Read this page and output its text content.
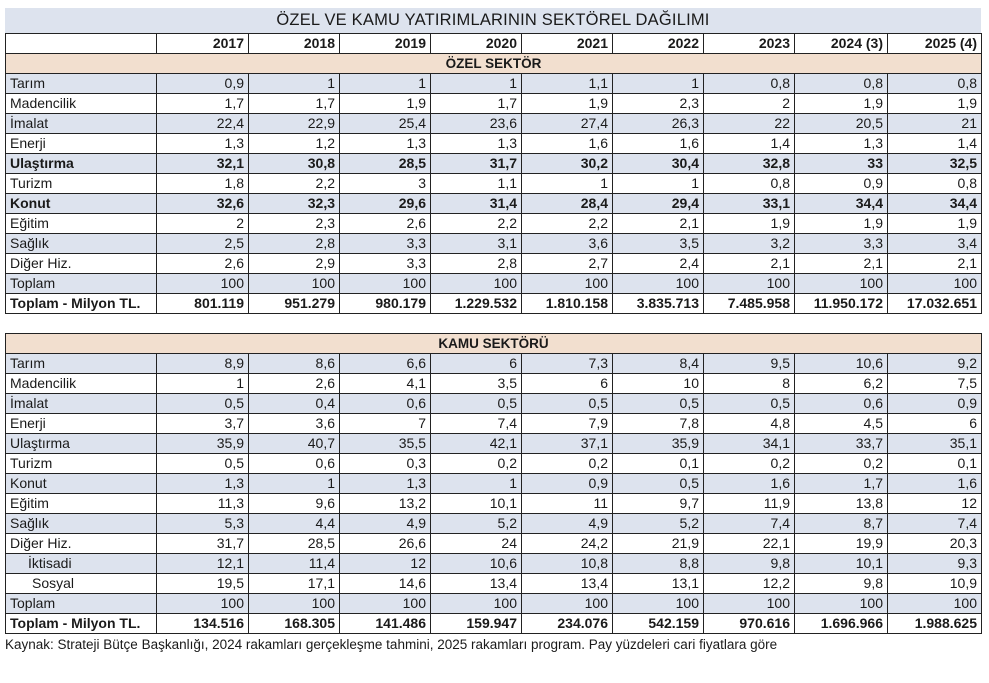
ÖZEL VE KAMU YATIRIMLARININ SEKTÖREL DAĞILIMI
	2017	2018	2019	2020	2021	2022	2023	2024 (3)	2025 (4)
ÖZEL SEKTÖR									
Tarım	0,9	1	1	1	1,1	1	0,8	0,8	0,8
Madencilik	1,7	1,7	1,9	1,7	1,9	2,3	2	1,9	1,9
İmalat	22,4	22,9	25,4	23,6	27,4	26,3	22	20,5	21
Enerji	1,3	1,2	1,3	1,3	1,6	1,6	1,4	1,3	1,4
Ulaştırma	32,1	30,8	28,5	31,7	30,2	30,4	32,8	33	32,5
Turizm	1,8	2,2	3	1,1	1	1	0,8	0,9	0,8
Konut	32,6	32,3	29,6	31,4	28,4	29,4	33,1	34,4	34,4
Eğitim	2	2,3	2,6	2,2	2,2	2,1	1,9	1,9	1,9
Sağlık	2,5	2,8	3,3	3,1	3,6	3,5	3,2	3,3	3,4
Diğer Hiz.	2,6	2,9	3,3	2,8	2,7	2,4	2,1	2,1	2,1
Toplam	100	100	100	100	100	100	100	100	100
Toplam - Milyon TL.	801.119	951.279	980.179	1.229.532	1.810.158	3.835.713	7.485.958	11.950.172	17.032.651

KAMU SEKTÖRÜ									
Tarım	8,9	8,6	6,6	6	7,3	8,4	9,5	10,6	9,2
Madencilik	1	2,6	4,1	3,5	6	10	8	6,2	7,5
İmalat	0,5	0,4	0,6	0,5	0,5	0,5	0,5	0,6	0,9
Enerji	3,7	3,6	7	7,4	7,9	7,8	4,8	4,5	6
Ulaştırma	35,9	40,7	35,5	42,1	37,1	35,9	34,1	33,7	35,1
Turizm	0,5	0,6	0,3	0,2	0,2	0,1	0,2	0,2	0,1
Konut	1,3	1	1,3	1	0,9	0,5	1,6	1,7	1,6
Eğitim	11,3	9,6	13,2	10,1	11	9,7	11,9	13,8	12
Sağlık	5,3	4,4	4,9	5,2	4,9	5,2	7,4	8,7	7,4
Diğer Hiz.	31,7	28,5	26,6	24	24,2	21,9	22,1	19,9	20,3
İktisadi	12,1	11,4	12	10,6	10,8	8,8	9,8	10,1	9,3
Sosyal	19,5	17,1	14,6	13,4	13,4	13,1	12,2	9,8	10,9
Toplam	100	100	100	100	100	100	100	100	100
Toplam - Milyon TL.	134.516	168.305	141.486	159.947	234.076	542.159	970.616	1.696.966	1.988.625
Kaynak: Strateji Bütçe Başkanlığı, 2024 rakamları gerçekleşme tahmini, 2025 rakamları program. Pay yüzdeleri cari fiyatlara göre
